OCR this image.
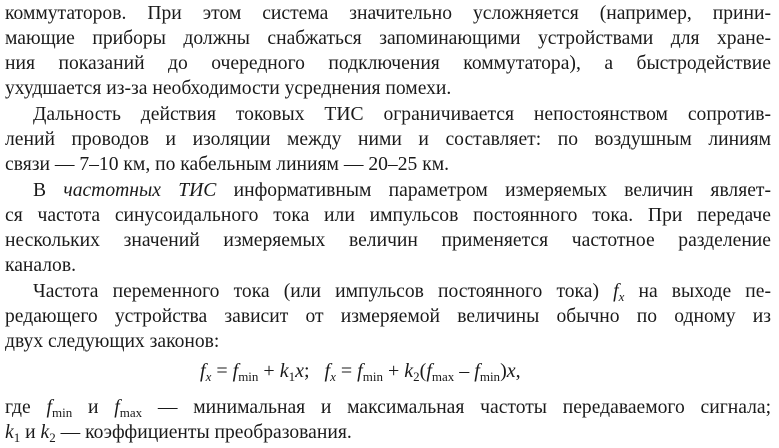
коммутаторов. При этом система значительно усложняется (например, прини-
мающие приборы должны снабжаться запоминающими устройствами для хране-
ния показаний до очередного подключения коммутатора), а быстродействие
ухудшается из-за необходимости усреднения помехи.
Дальность действия токовых ТИС ограничивается непостоянством сопротив-
лений проводов и изоляции между ними и составляет: по воздушным линиям
связи — 7–10 км, по кабельным линиям — 20–25 км.
В частотных ТИС информативным параметром измеряемых величин являет-
ся частота синусоидального тока или импульсов постоянного тока. При передаче
нескольких значений измеряемых величин применяется частотное разделение
каналов.
Частота переменного тока (или импульсов постоянного тока) $f_x$ на выходе пе-
редающего устройства зависит от измеряемой величины обычно по одному из
двух следующих законов:
$f_x = f_{min} + k_1x$; $f_x = f_{min} + k_2(f_{max} - f_{min})x$,
где $f_{min}$ и $f_{max}$ — минимальная и максимальная частоты передаваемого сигнала;
$k_1$ и $k_2$ — коэффициенты преобразования.
